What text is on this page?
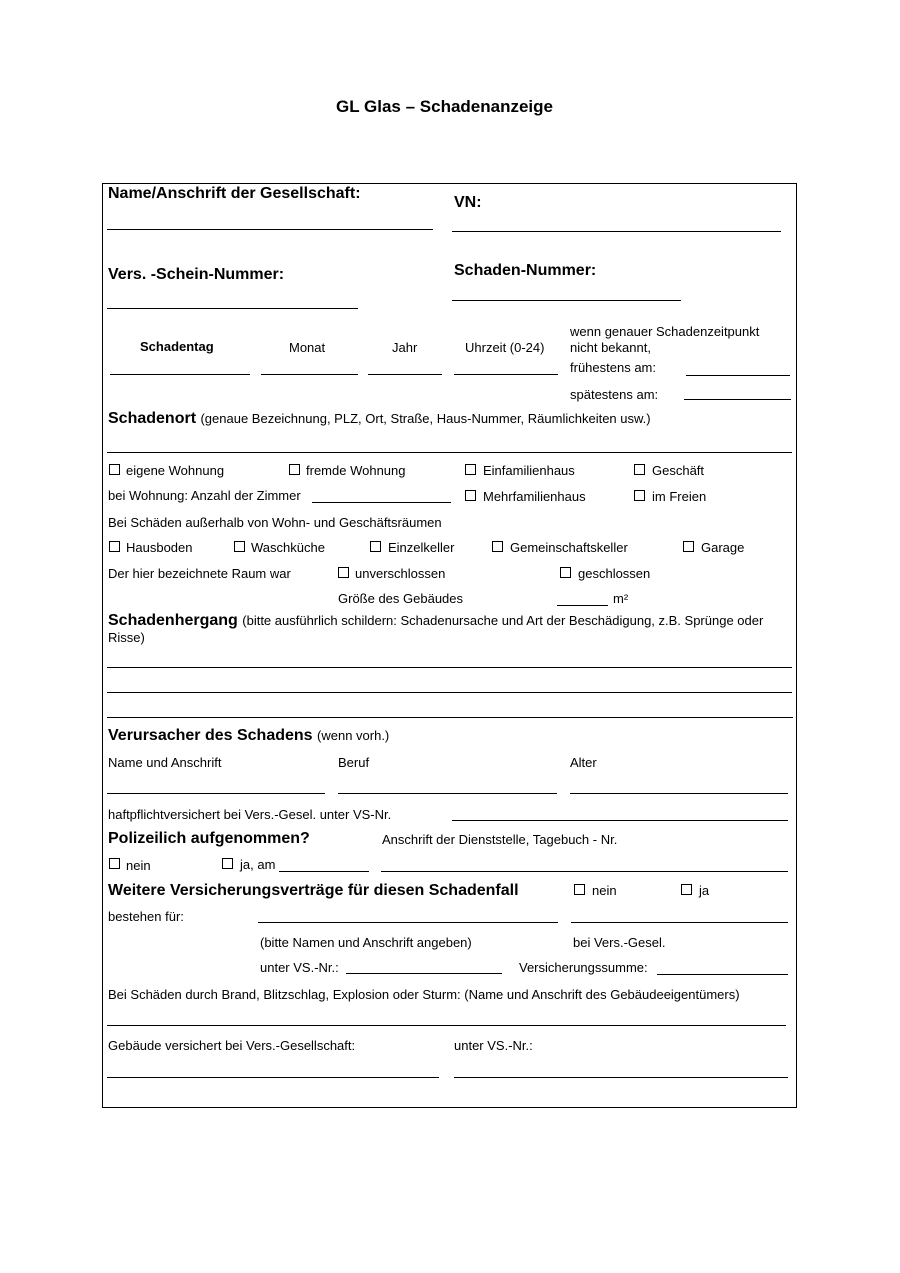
GL Glas – Schadenanzeige
Name/Anschrift der Gesellschaft:
VN:
Vers. -Schein-Nummer:	Schaden-Nummer:
Schadentag	Monat	Jahr	Uhrzeit (0-24)
wenn genauer Schadenzeitpunkt
nicht bekannt,
frühestens am:
spätestens am:
Schadenort (genaue Bezeichnung, PLZ, Ort, Straße, Haus-Nummer, Räumlichkeiten usw.)
eigene Wohnung	fremde Wohnung	Einfamilienhaus	Geschäft
bei Wohnung: Anzahl der Zimmer	Mehrfamilienhaus	im Freien
Bei Schäden außerhalb von Wohn- und Geschäftsräumen
Hausboden	Waschküche	Einzelkeller	Gemeinschaftskeller	Garage
Der hier bezeichnete Raum war	unverschlossen	geschlossen
Größe des Gebäudes	m²
Schadenhergang (bitte ausführlich schildern: Schadenursache und Art der Beschädigung, z.B. Sprünge oder Risse)
Verursacher des Schadens (wenn vorh.)
Name und Anschrift	Beruf	Alter
haftpflichtversichert bei Vers.-Gesel. unter VS-Nr.
Polizeilich aufgenommen?	Anschrift der Dienststelle, Tagebuch - Nr.
nein	ja, am
Weitere Versicherungsverträge für diesen Schadenfall	nein	ja
bestehen für:
(bitte Namen und Anschrift angeben)	bei Vers.-Gesel.
unter VS.-Nr.:	Versicherungssumme:
Bei Schäden durch Brand, Blitzschlag, Explosion oder Sturm: (Name und Anschrift des Gebäudeeigentümers)
Gebäude versichert bei Vers.-Gesellschaft:	unter VS.-Nr.:
